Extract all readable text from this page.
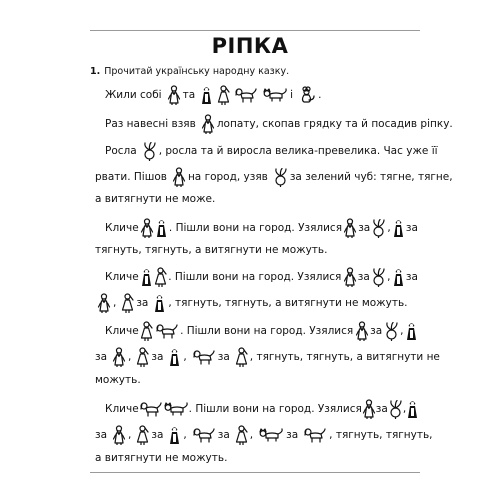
РІПКА
1. Прочитай українську народну казку.
Жили собі та	і .
Раз навесні взяв лопату, скопав грядку та й посадив ріпку.
Росла , росла та й виросла велика-превелика. Час уже її
рвати. Пішов на город, узяв за зелений чуб: тягне, тягне,
а витягнути не може.
Кличе	. Пішли вони на город. Узялися за , за
тягнуть, тягнуть, а витягнути не можуть.
Кличе	. Пішли вони на город. Узялися за , за
, за , тягнуть, тягнуть, а витягнути не можуть.
Кличе	. Пішли вони на город. Узялися за ,
за , за ,	за , тягнуть, тягнуть, а витягнути не
можуть.
Кличе	. Пішли вони на город. Узялися за ,
за , за ,	за ,	за	, тягнуть, тягнуть,
а витягнути не можуть.
